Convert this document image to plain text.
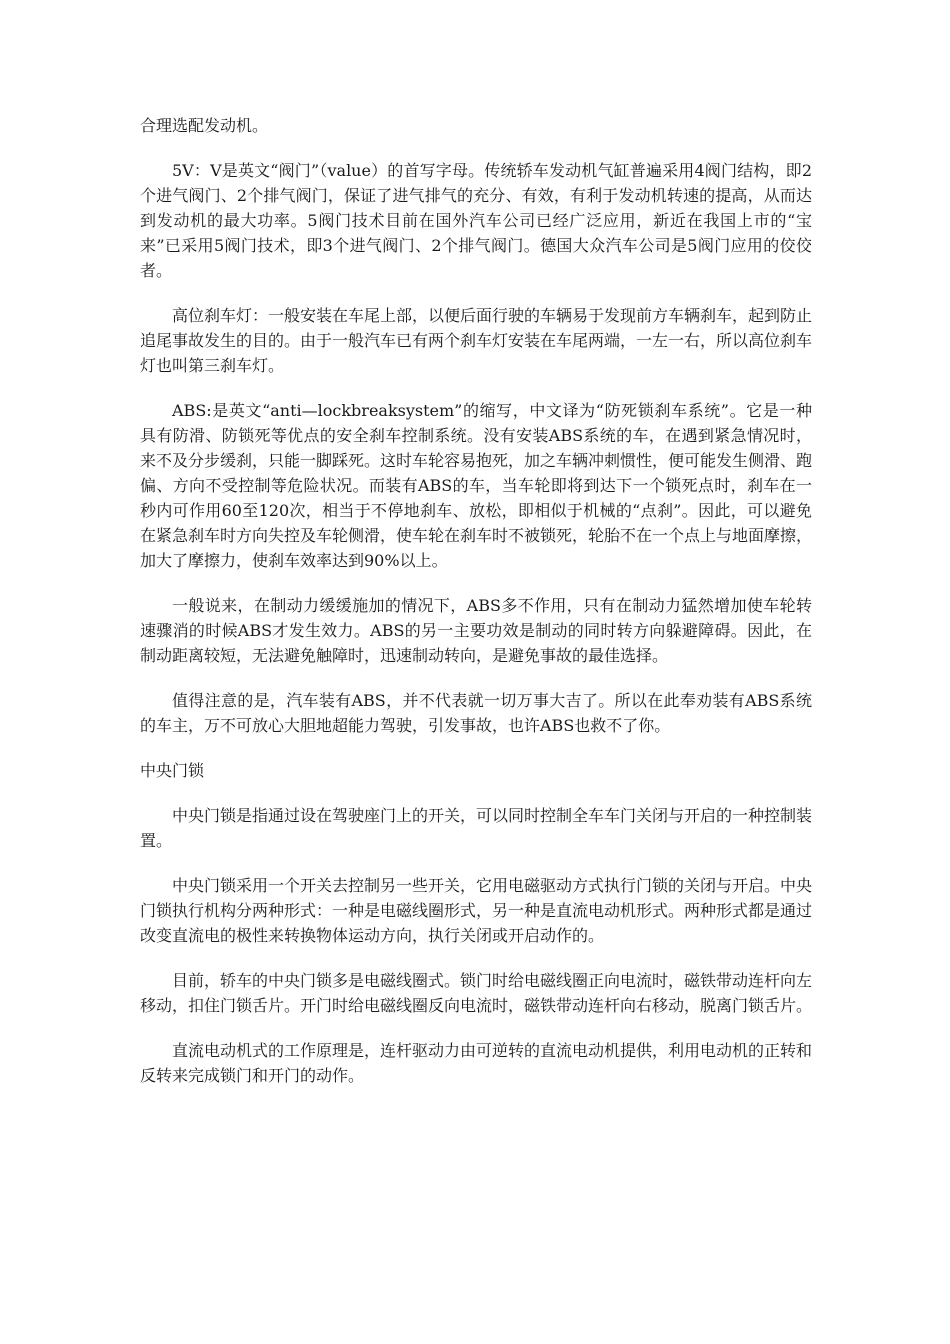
合理选配发动机。

5V：V是英文“阀门”（value）的首写字母。传统轿车发动机气缸普遍采用4阀门结构，即2个进气阀门、2个排气阀门，保证了进气排气的充分、有效，有利于发动机转速的提高，从而达到发动机的最大功率。5阀门技术目前在国外汽车公司已经广泛应用，新近在我国上市的“宝来”已采用5阀门技术，即3个进气阀门、2个排气阀门。德国大众汽车公司是5阀门应用的佼佼者。

高位刹车灯：一般安装在车尾上部，以便后面行驶的车辆易于发现前方车辆刹车，起到防止追尾事故发生的目的。由于一般汽车已有两个刹车灯安装在车尾两端，一左一右，所以高位刹车灯也叫第三刹车灯。

ABS:是英文“anti—lockbreaksystem”的缩写，中文译为“防死锁刹车系统”。它是一种具有防滑、防锁死等优点的安全刹车控制系统。没有安装ABS系统的车，在遇到紧急情况时，来不及分步缓刹，只能一脚踩死。这时车轮容易抱死，加之车辆冲刺惯性，便可能发生侧滑、跑偏、方向不受控制等危险状况。而装有ABS的车，当车轮即将到达下一个锁死点时，刹车在一秒内可作用60至120次，相当于不停地刹车、放松，即相似于机械的“点刹”。因此，可以避免在紧急刹车时方向失控及车轮侧滑，使车轮在刹车时不被锁死，轮胎不在一个点上与地面摩擦，加大了摩擦力，使刹车效率达到90%以上。

一般说来，在制动力缓缓施加的情况下，ABS多不作用，只有在制动力猛然增加使车轮转速骤消的时候ABS才发生效力。ABS的另一主要功效是制动的同时转方向躲避障碍。因此，在制动距离较短，无法避免触障时，迅速制动转向，是避免事故的最佳选择。

值得注意的是，汽车装有ABS，并不代表就一切万事大吉了。所以在此奉劝装有ABS系统的车主，万不可放心大胆地超能力驾驶，引发事故，也许ABS也救不了你。

中央门锁

中央门锁是指通过设在驾驶座门上的开关，可以同时控制全车车门关闭与开启的一种控制装置。

中央门锁采用一个开关去控制另一些开关，它用电磁驱动方式执行门锁的关闭与开启。中央门锁执行机构分两种形式：一种是电磁线圈形式，另一种是直流电动机形式。两种形式都是通过改变直流电的极性来转换物体运动方向，执行关闭或开启动作的。

目前，轿车的中央门锁多是电磁线圈式。锁门时给电磁线圈正向电流时，磁铁带动连杆向左移动，扣住门锁舌片。开门时给电磁线圈反向电流时，磁铁带动连杆向右移动，脱离门锁舌片。

直流电动机式的工作原理是，连杆驱动力由可逆转的直流电动机提供，利用电动机的正转和反转来完成锁门和开门的动作。
